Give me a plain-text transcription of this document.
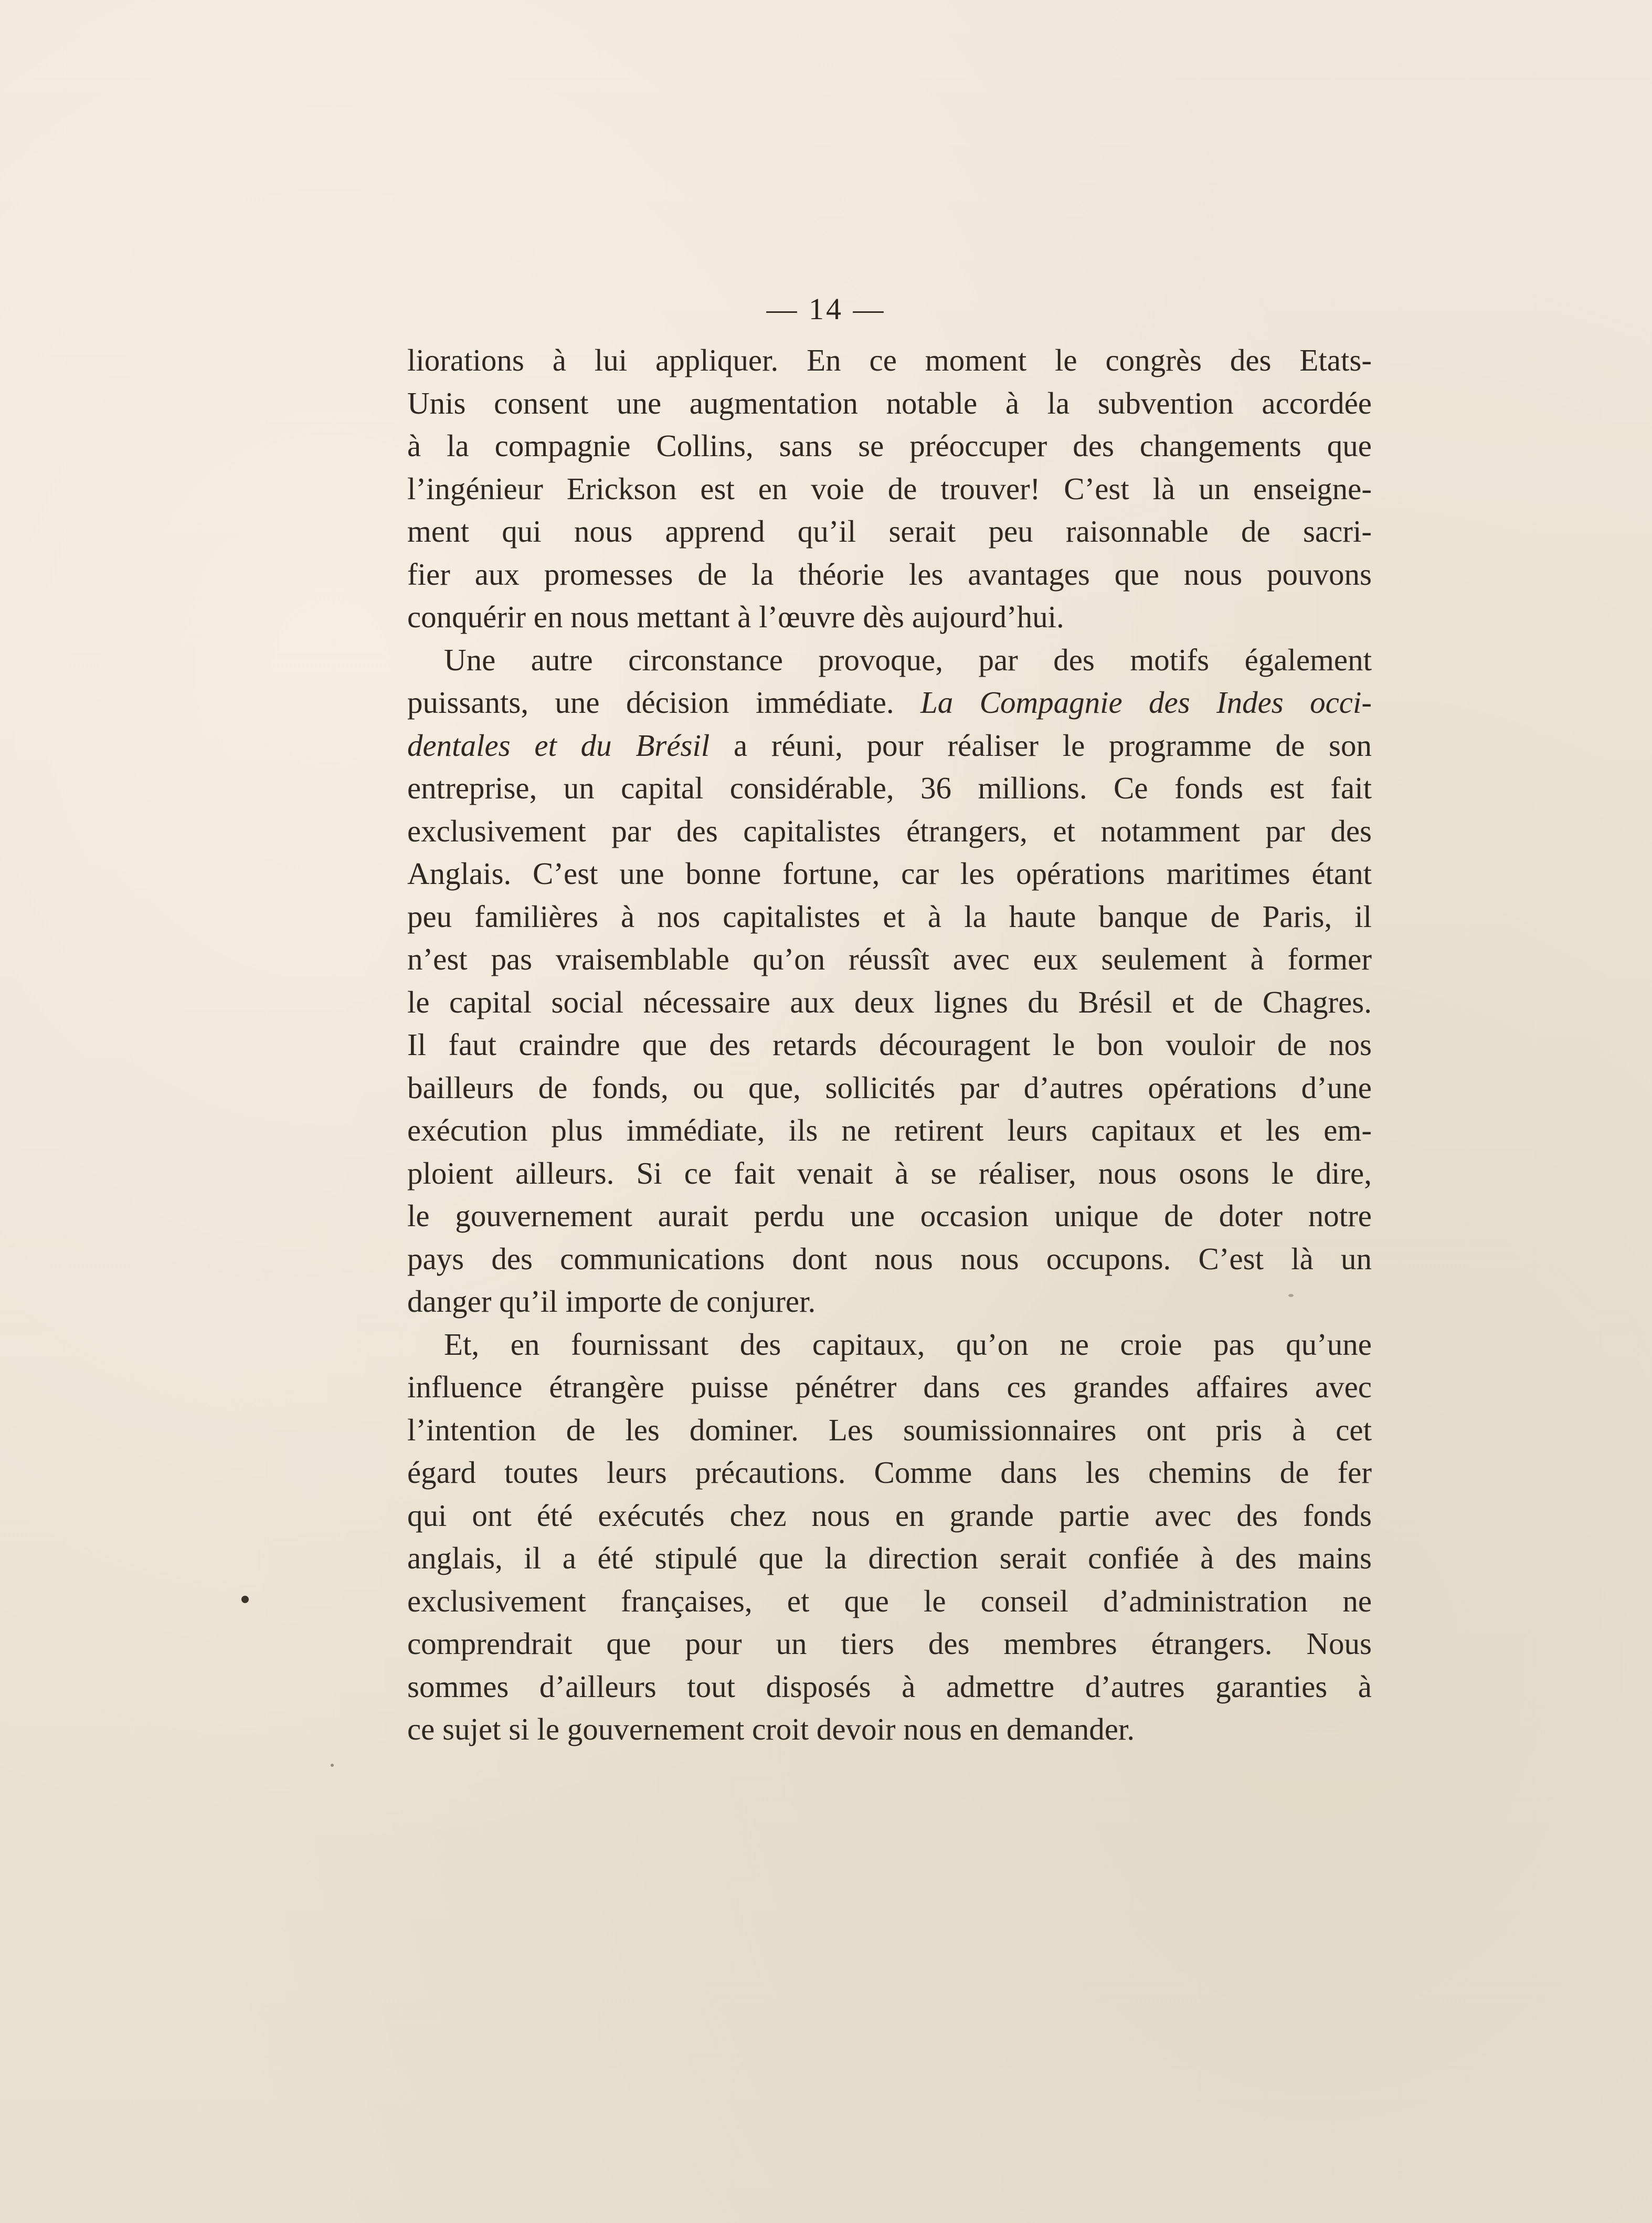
— 14 —
liorations à lui appliquer. En ce moment le congrès des Etats-
Unis consent une augmentation notable à la subvention accordée
à la compagnie Collins, sans se préoccuper des changements que
l’ingénieur Erickson est en voie de trouver! C’est là un enseigne-
ment qui nous apprend qu’il serait peu raisonnable de sacri-
fier aux promesses de la théorie les avantages que nous pouvons
conquérir en nous mettant à l’œuvre dès aujourd’hui.
Une autre circonstance provoque, par des motifs également
puissants, une décision immédiate. La Compagnie des Indes occi-
dentales et du Brésil a réuni, pour réaliser le programme de son
entreprise, un capital considérable, 36 millions. Ce fonds est fait
exclusivement par des capitalistes étrangers, et notamment par des
Anglais. C’est une bonne fortune, car les opérations maritimes étant
peu familières à nos capitalistes et à la haute banque de Paris, il
n’est pas vraisemblable qu’on réussît avec eux seulement à former
le capital social nécessaire aux deux lignes du Brésil et de Chagres.
Il faut craindre que des retards découragent le bon vouloir de nos
bailleurs de fonds, ou que, sollicités par d’autres opérations d’une
exécution plus immédiate, ils ne retirent leurs capitaux et les em-
ploient ailleurs. Si ce fait venait à se réaliser, nous osons le dire,
le gouvernement aurait perdu une occasion unique de doter notre
pays des communications dont nous nous occupons. C’est là un
danger qu’il importe de conjurer.
Et, en fournissant des capitaux, qu’on ne croie pas qu’une
influence étrangère puisse pénétrer dans ces grandes affaires avec
l’intention de les dominer. Les soumissionnaires ont pris à cet
égard toutes leurs précautions. Comme dans les chemins de fer
qui ont été exécutés chez nous en grande partie avec des fonds
anglais, il a été stipulé que la direction serait confiée à des mains
exclusivement françaises, et que le conseil d’administration ne
comprendrait que pour un tiers des membres étrangers. Nous
sommes d’ailleurs tout disposés à admettre d’autres garanties à
ce sujet si le gouvernement croit devoir nous en demander.
